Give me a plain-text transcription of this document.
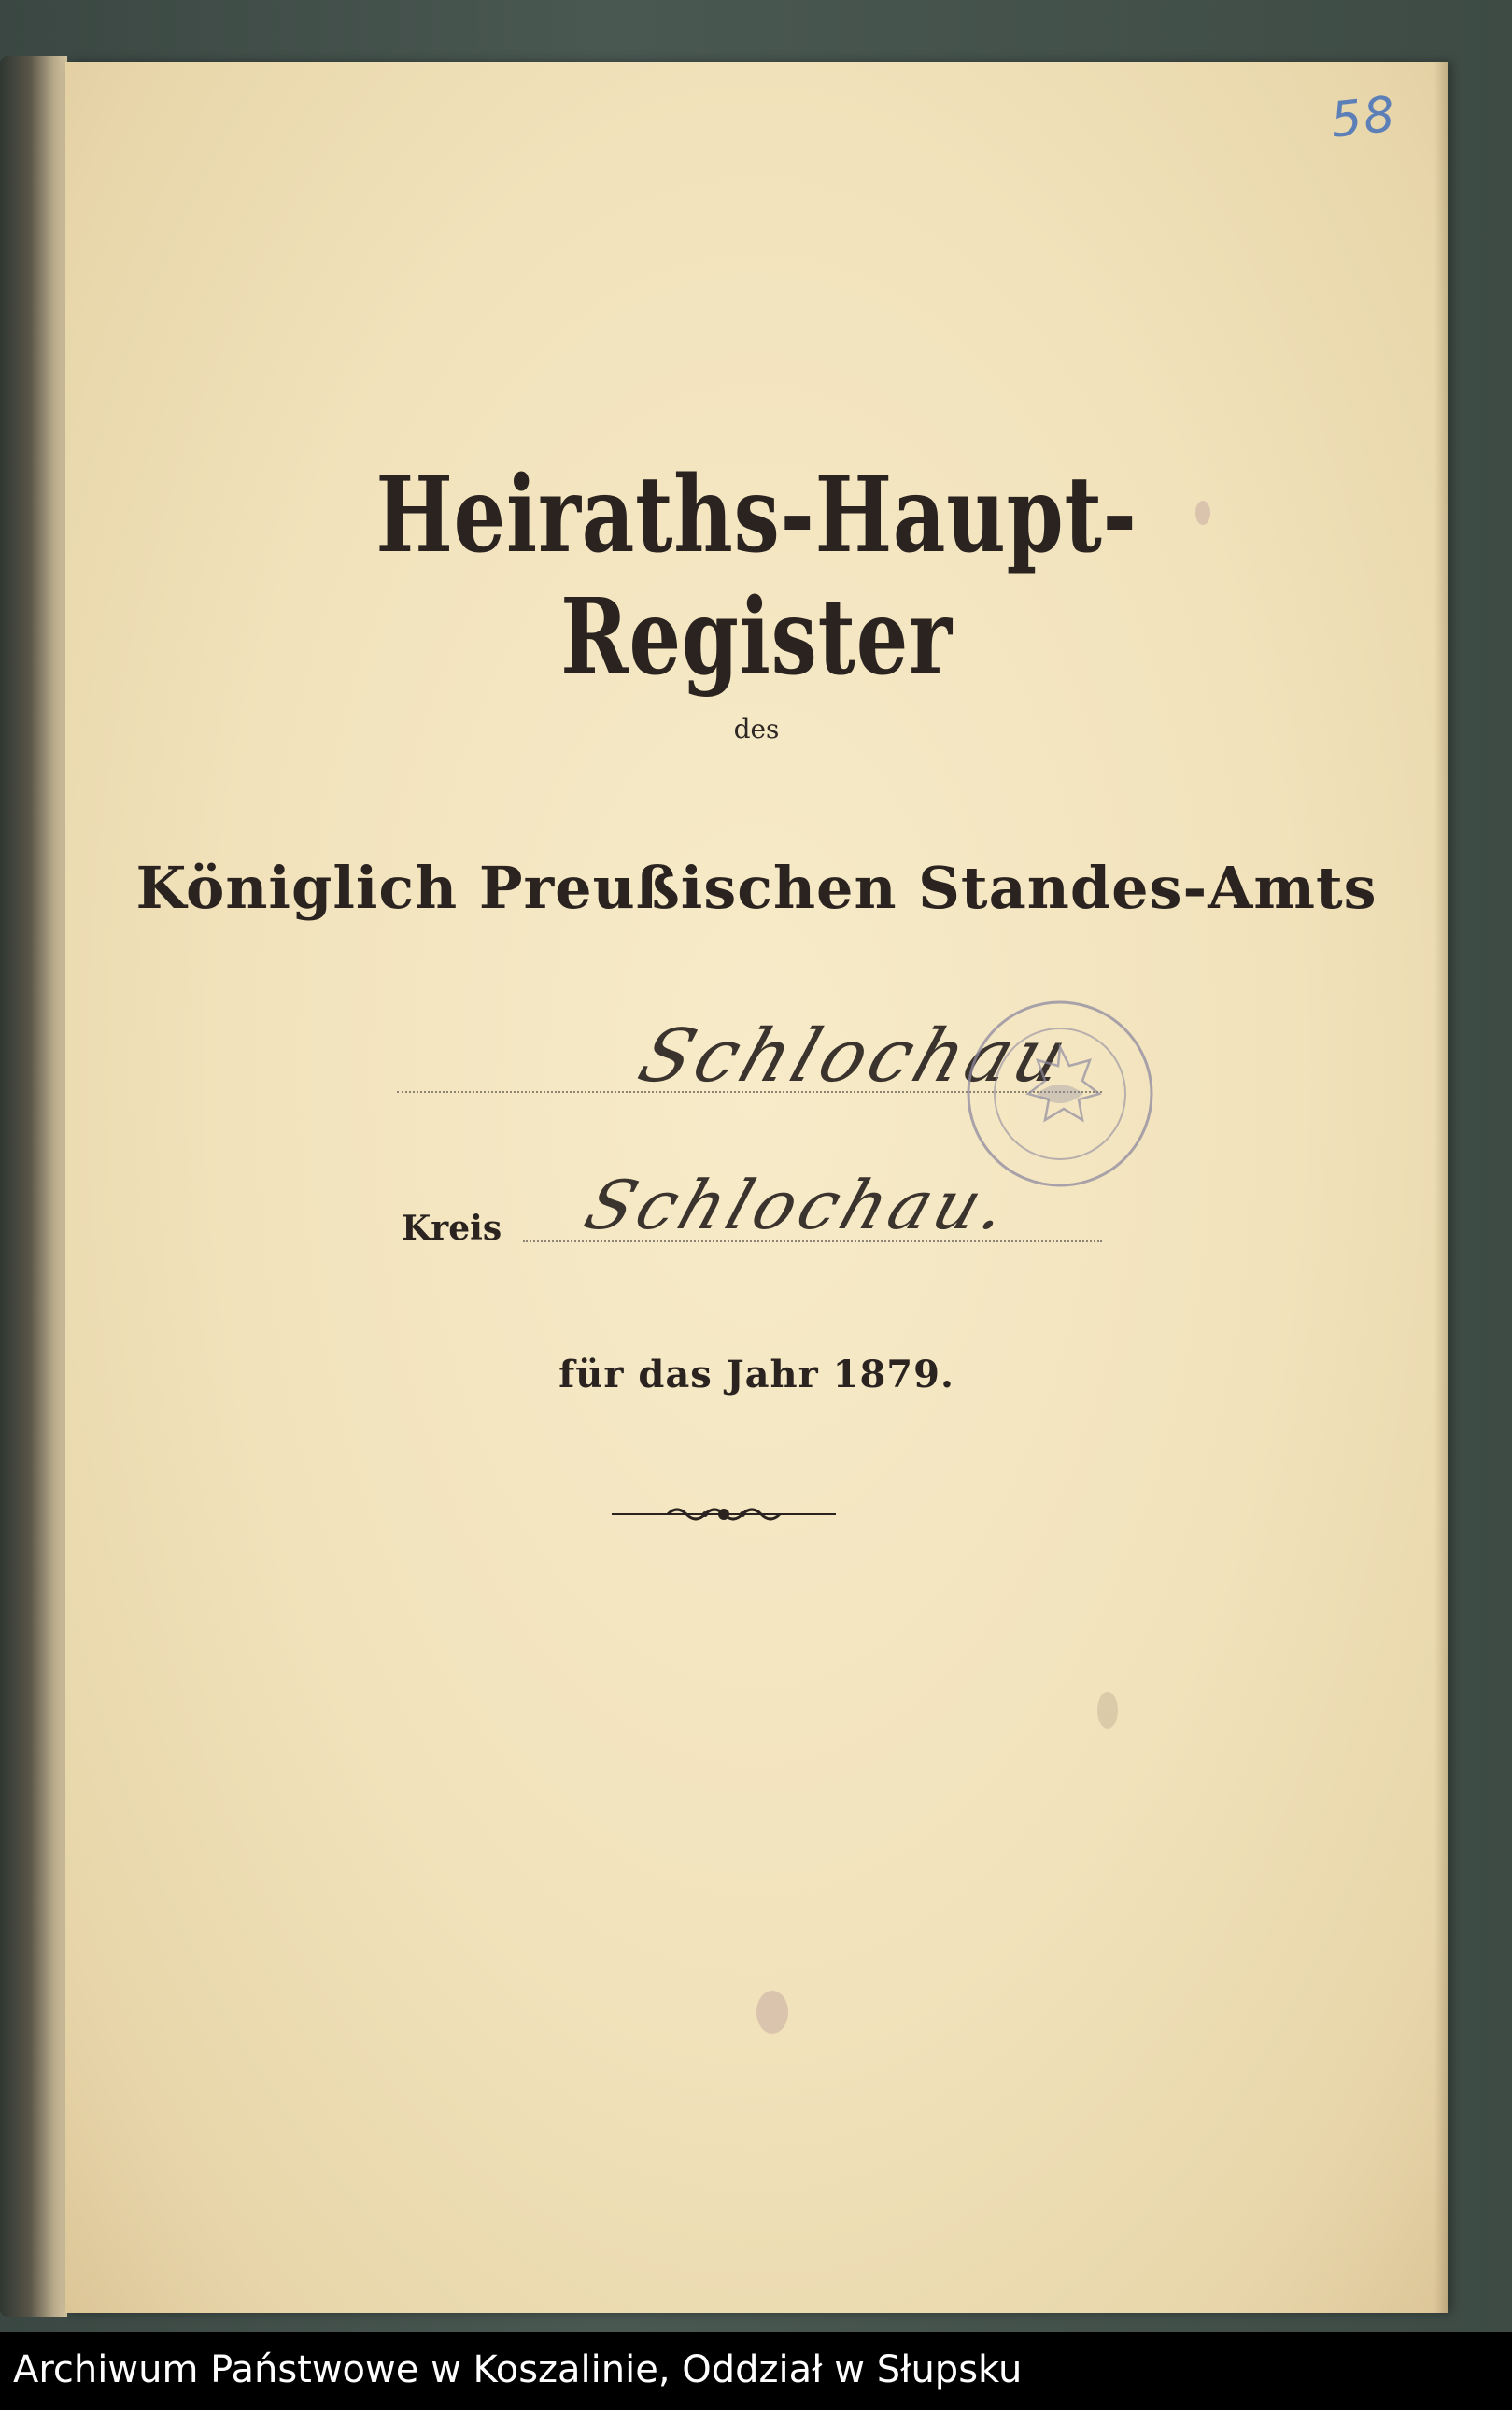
58
Heiraths-Haupt-Register
des
Königlich Preußischen Standes-Amts
Schlochau
Kreis Schlochau.
für das Jahr 1879.
Archiwum Państwowe w Koszalinie, Oddział w Słupsku
